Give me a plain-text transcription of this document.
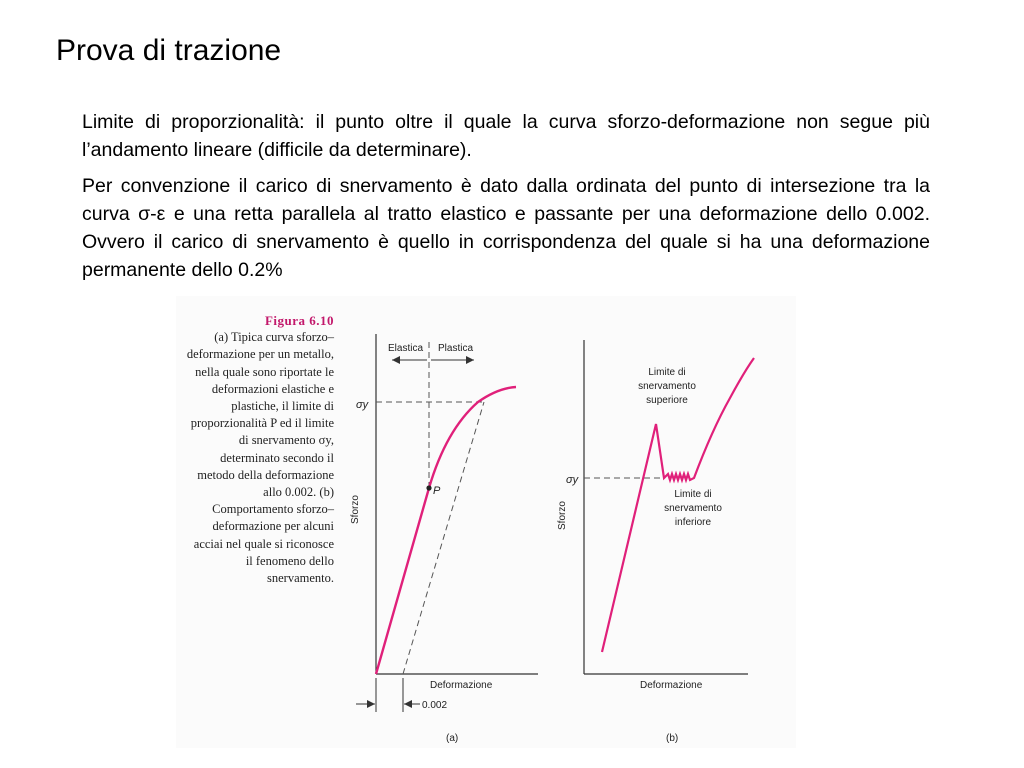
Prova di trazione

Limite di proporzionalità: il punto oltre il quale la curva sforzo-deformazione non segue più l’andamento lineare (difficile da determinare).

Per convenzione il carico di snervamento è dato dalla ordinata del punto di intersezione tra la curva σ-ε e una retta parallela al tratto elastico e passante per una deformazione dello 0.002. Ovvero il carico di snervamento è quello in corrispondenza del quale si ha una deformazione permanente dello 0.2%

Figura 6.10
(a) Tipica curva sforzo–deformazione per un metallo, nella quale sono riportate le deformazioni elastiche e plastiche, il limite di proporzionalità P ed il limite di snervamento σy, determinato secondo il metodo della deformazione allo 0.002. (b) Comportamento sforzo–deformazione per alcuni acciai nel quale si riconosce il fenomeno dello snervamento.
Elastica Plastica
σy
P
Sforzo
Deformazione
0.002
(a)
σy
Limite di
snervamento
superiore
Limite di
snervamento
inferiore
Sforzo
Deformazione
(b)
